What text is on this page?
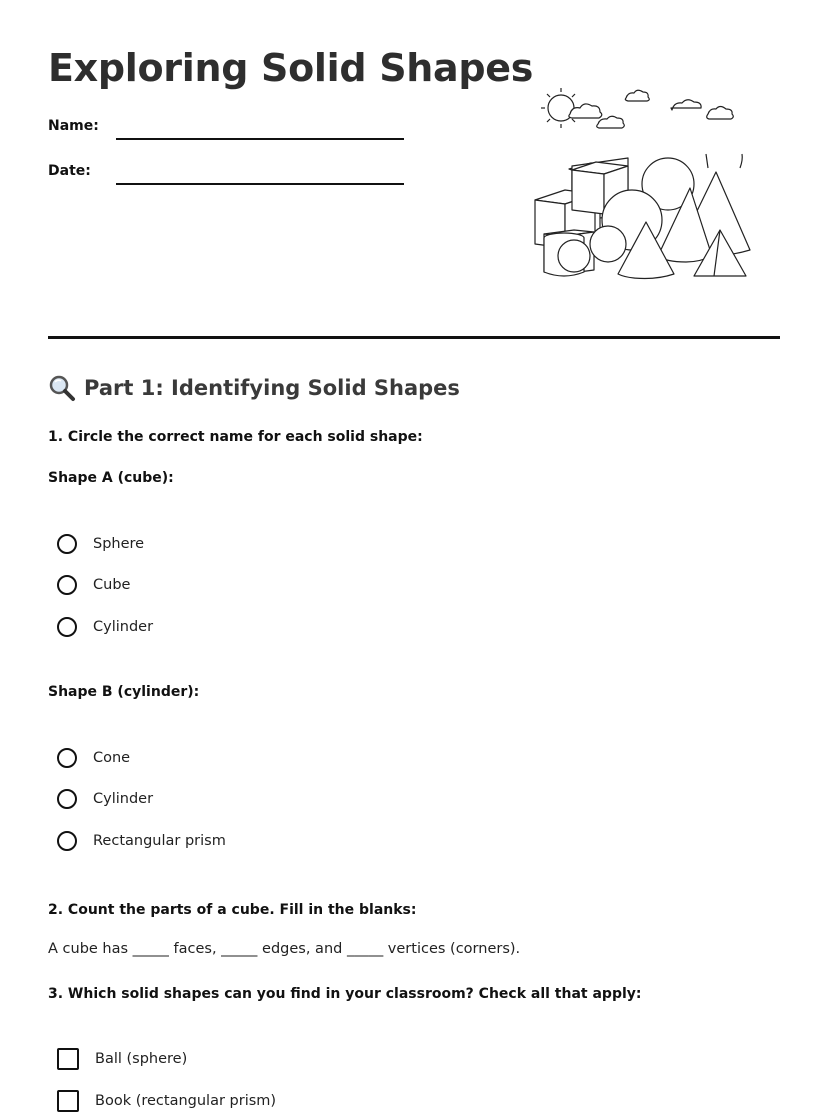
Exploring Solid Shapes
Name:
Date:
Part 1: Identifying Solid Shapes

1. Circle the correct name for each solid shape:

Shape A (cube):

Sphere
Cube
Cylinder

Shape B (cylinder):

Cone
Cylinder
Rectangular prism

2. Count the parts of a cube. Fill in the blanks:

A cube has _____ faces, _____ edges, and _____ vertices (corners).

3. Which solid shapes can you find in your classroom? Check all that apply:

Ball (sphere)
Book (rectangular prism)
